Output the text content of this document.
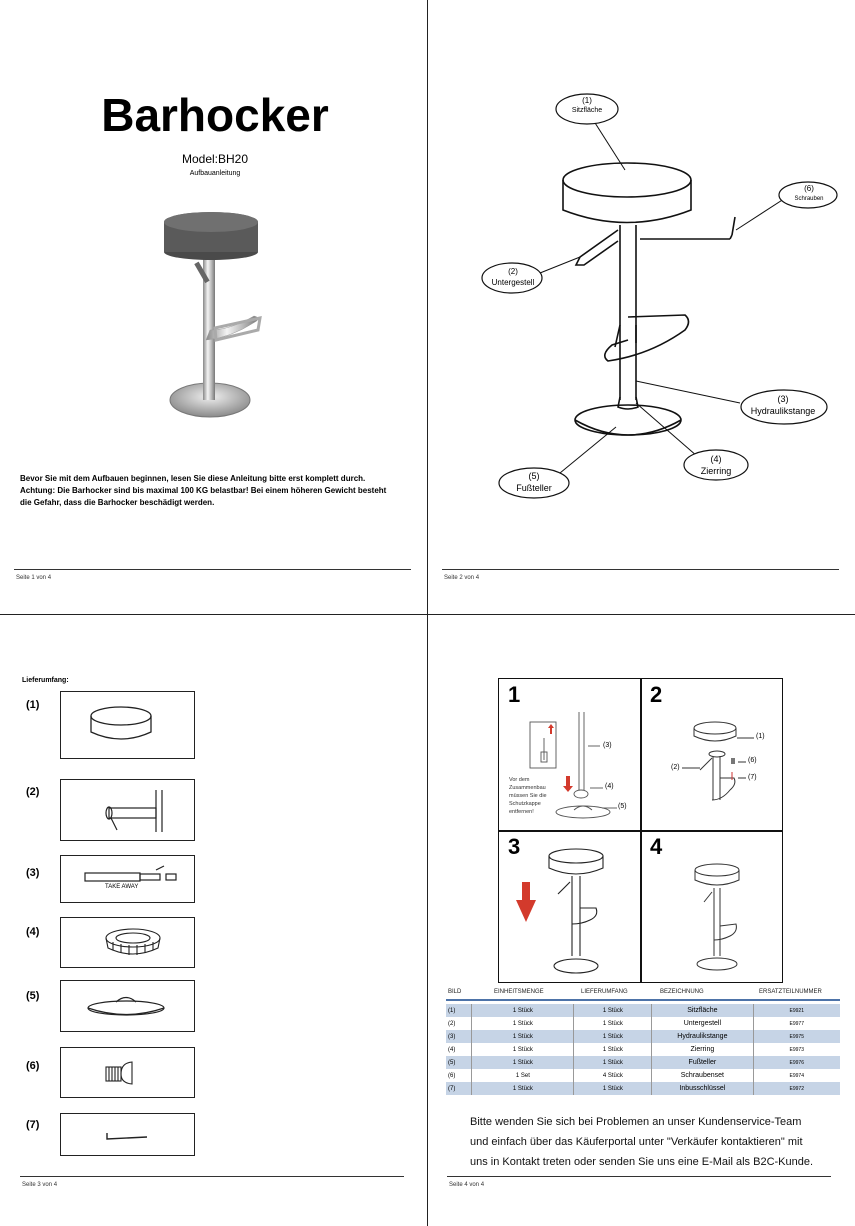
Barhocker
Model:BH20
Aufbauanleitung
Bevor Sie mit dem Aufbauen beginnen, lesen Sie diese Anleitung bitte erst komplett durch.
Achtung: Die Barhocker sind bis maximal 100 KG belastbar! Bei einem höheren Gewicht besteht
die Gefahr, dass die Barhocker beschädigt werden.
Seite 1 von 4
(1)
Sitzfläche
(6)
Schrauben
(2)
Untergestell
(3)
Hydraulikstange
(4)
Zierring
(5)
Fußteller
Seite 2 von 4
Lieferumfang:
(1)
(2)
(3)
TAKE AWAY
(4)
(5)
(6)
(7)
Seite 3 von 4
1	2
3	4
(3)
(4)
(5)
Vor dem
Zusammenbau
müssen Sie die
Schutzkappe
entfernen!
(1)
(2)
(6)
(7)
BILD	EINHEITSMENGE	LIEFERUMFANG	BEZEICHNUNG	ERSATZTEILNUMMER
(1)	1 Stück	1 Stück	Sitzfläche	E9921
(2)	1 Stück	1 Stück	Untergestell	E9977
(3)	1 Stück	1 Stück	Hydraulikstange	E9975
(4)	1 Stück	1 Stück	Zierring	E9973
(5)	1 Stück	1 Stück	Fußteller	E9976
(6)	1 Set	4 Stück	Schraubenset	E9974
(7)	1 Stück	1 Stück	Inbusschlüssel	E9972
Bitte wenden Sie sich bei Problemen an unser Kundenservice-Team
und einfach über das Käuferportal unter "Verkäufer kontaktieren" mit
uns in Kontakt treten oder senden Sie uns eine E-Mail als B2C-Kunde.
Seite 4 von 4
